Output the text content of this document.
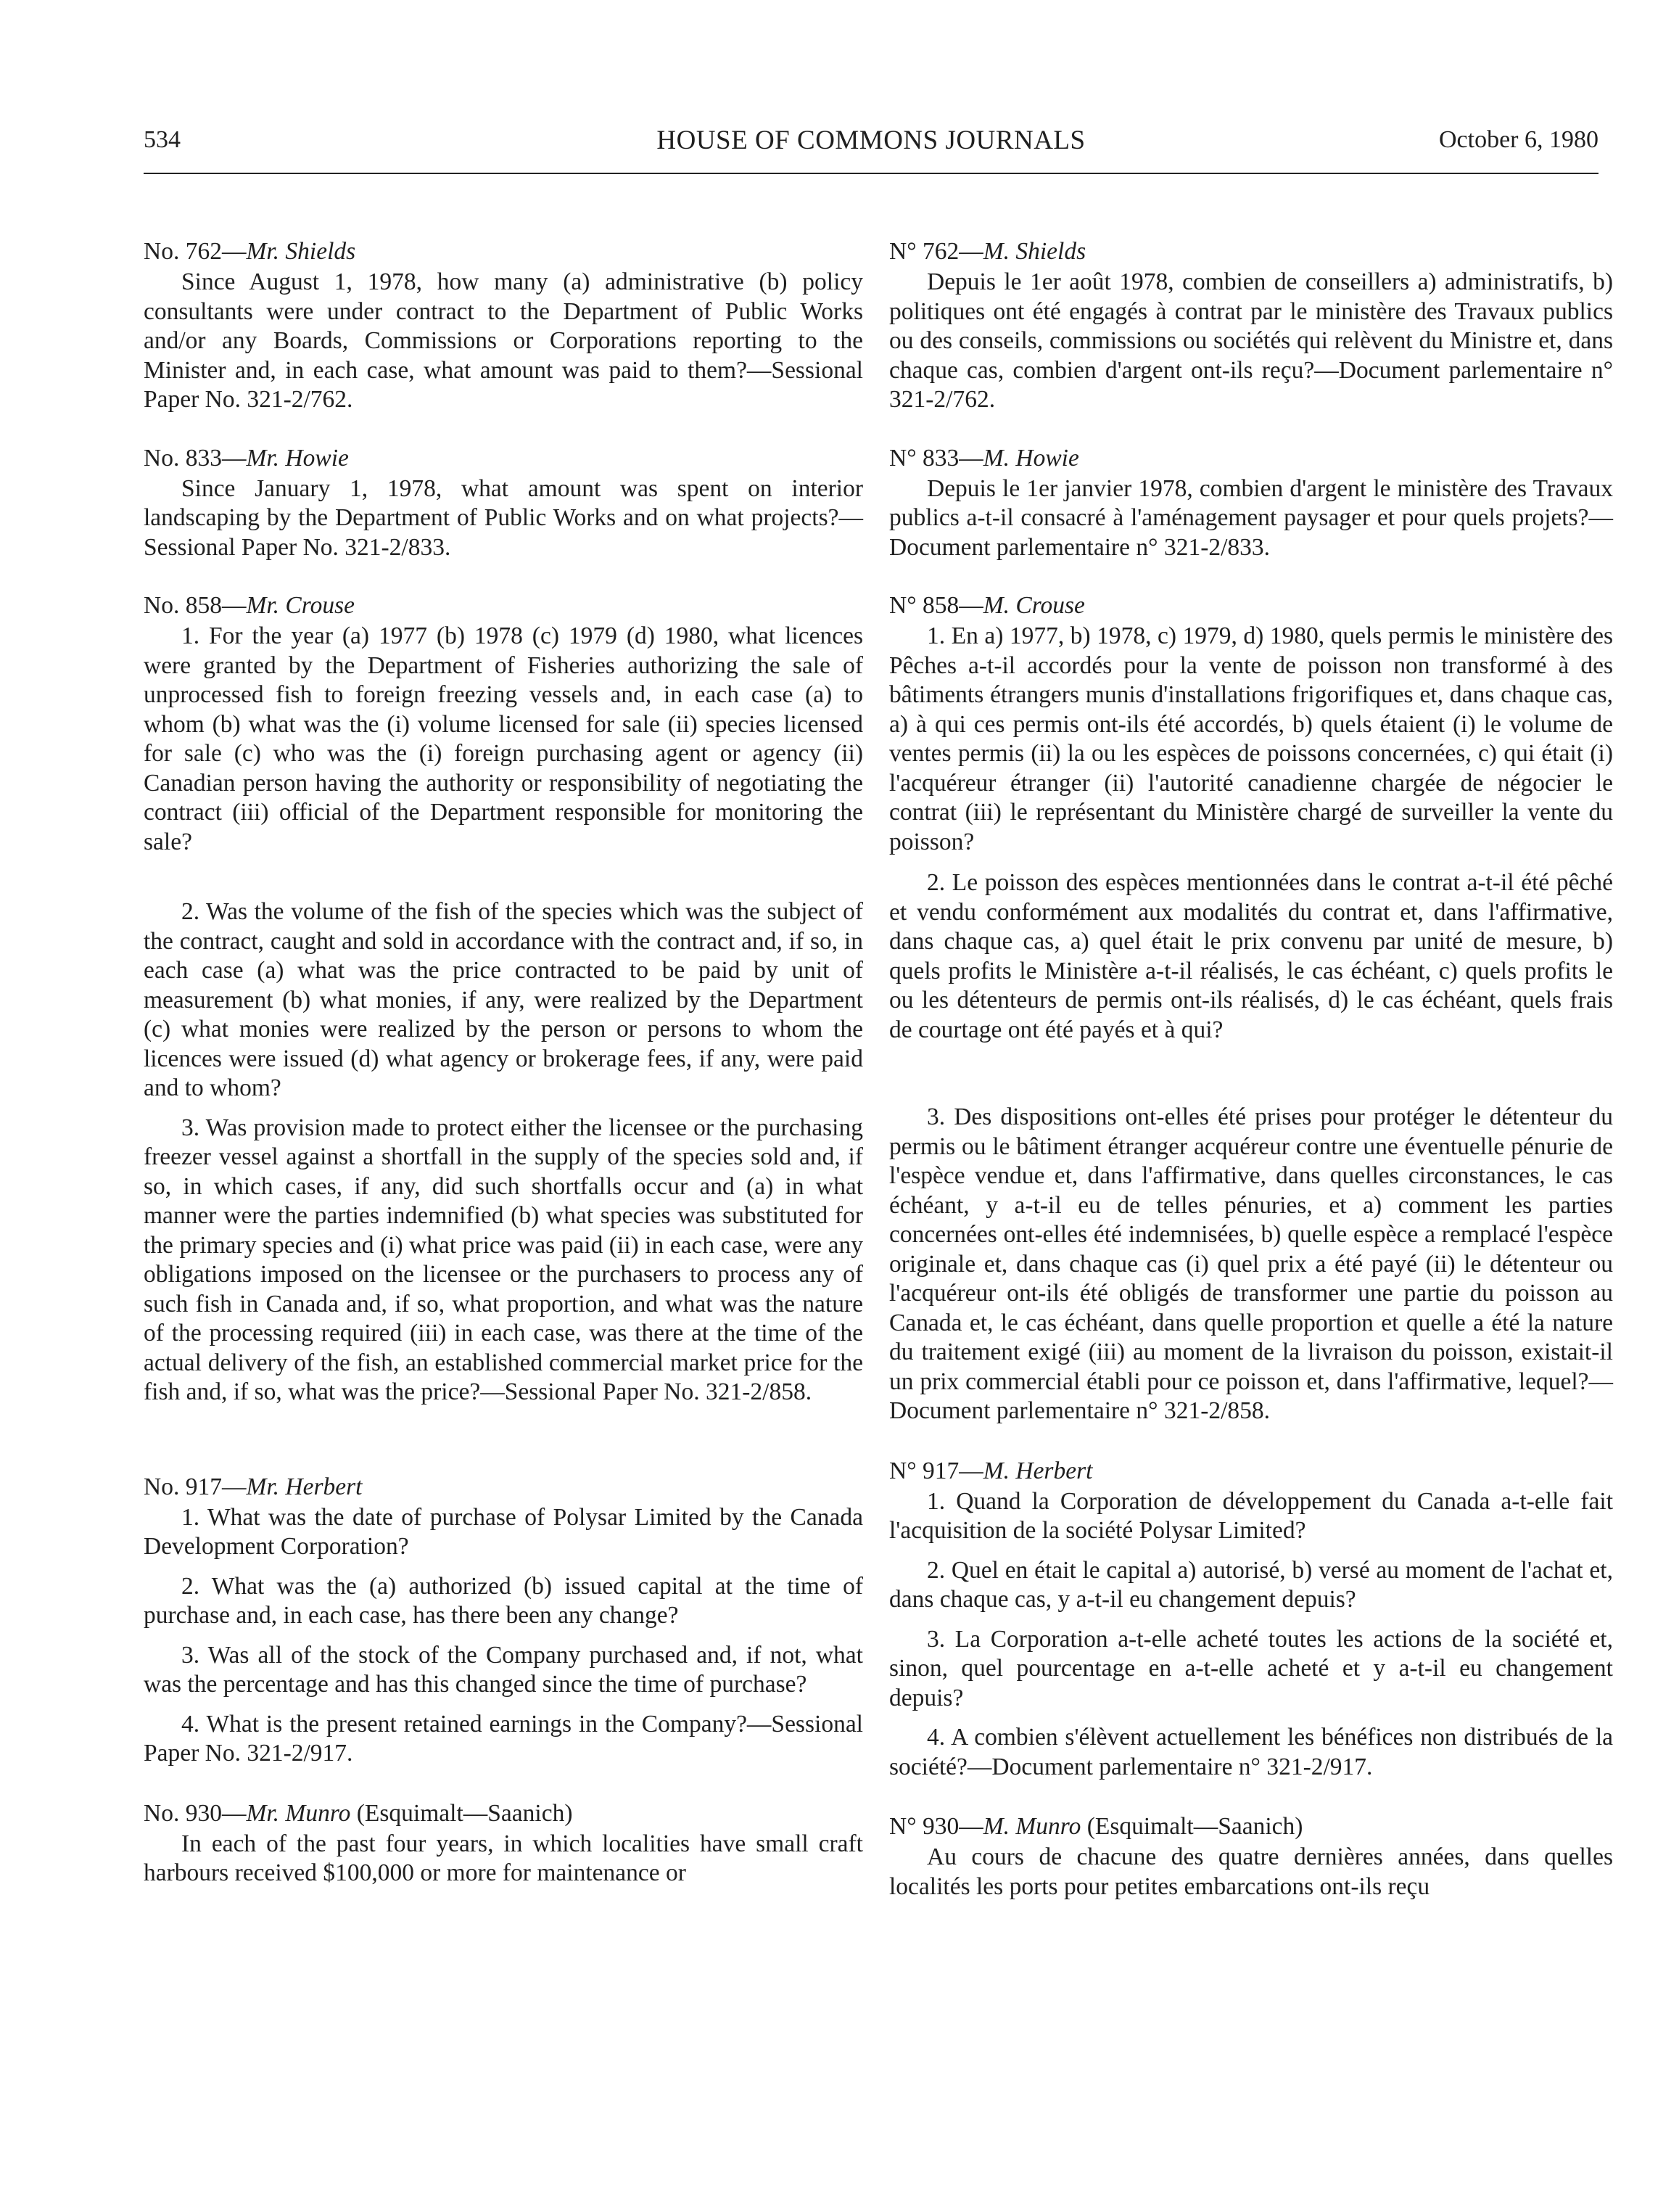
534	HOUSE OF COMMONS JOURNALS	October 6, 1980

No. 762—Mr. Shields

Since August 1, 1978, how many (a) administrative (b) policy consultants were under contract to the Department of Public Works and/or any Boards, Commissions or Corporations reporting to the Minister and, in each case, what amount was paid to them?—Sessional Paper No. 321-2/762.

No. 833—Mr. Howie

Since January 1, 1978, what amount was spent on interior landscaping by the Department of Public Works and on what projects?—Sessional Paper No. 321-2/833.

No. 858—Mr. Crouse

1. For the year (a) 1977 (b) 1978 (c) 1979 (d) 1980, what licences were granted by the Department of Fisheries authorizing the sale of unprocessed fish to foreign freezing vessels and, in each case (a) to whom (b) what was the (i) volume licensed for sale (ii) species licensed for sale (c) who was the (i) foreign purchasing agent or agency (ii) Canadian person having the authority or responsibility of negotiating the contract (iii) official of the Department responsible for monitoring the sale?

2. Was the volume of the fish of the species which was the subject of the contract, caught and sold in accordance with the contract and, if so, in each case (a) what was the price contracted to be paid by unit of measurement (b) what monies, if any, were realized by the Department (c) what monies were realized by the person or persons to whom the licences were issued (d) what agency or brokerage fees, if any, were paid and to whom?

3. Was provision made to protect either the licensee or the purchasing freezer vessel against a shortfall in the supply of the species sold and, if so, in which cases, if any, did such shortfalls occur and (a) in what manner were the parties indemnified (b) what species was substituted for the primary species and (i) what price was paid (ii) in each case, were any obligations imposed on the licensee or the purchasers to process any of such fish in Canada and, if so, what proportion, and what was the nature of the processing required (iii) in each case, was there at the time of the actual delivery of the fish, an established commercial market price for the fish and, if so, what was the price?—Sessional Paper No. 321-2/858.

No. 917—Mr. Herbert

1. What was the date of purchase of Polysar Limited by the Canada Development Corporation?

2. What was the (a) authorized (b) issued capital at the time of purchase and, in each case, has there been any change?

3. Was all of the stock of the Company purchased and, if not, what was the percentage and has this changed since the time of purchase?

4. What is the present retained earnings in the Company?—Sessional Paper No. 321-2/917.

No. 930—Mr. Munro (Esquimalt—Saanich)

In each of the past four years, in which localities have small craft harbours received $100,000 or more for maintenance or

N° 762—M. Shields

Depuis le 1er août 1978, combien de conseillers a) administratifs, b) politiques ont été engagés à contrat par le ministère des Travaux publics ou des conseils, commissions ou sociétés qui relèvent du Ministre et, dans chaque cas, combien d'argent ont-ils reçu?—Document parlementaire n° 321-2/762.

N° 833—M. Howie

Depuis le 1er janvier 1978, combien d'argent le ministère des Travaux publics a-t-il consacré à l'aménagement paysager et pour quels projets?—Document parlementaire n° 321-2/833.

N° 858—M. Crouse

1. En a) 1977, b) 1978, c) 1979, d) 1980, quels permis le ministère des Pêches a-t-il accordés pour la vente de poisson non transformé à des bâtiments étrangers munis d'installations frigorifiques et, dans chaque cas, a) à qui ces permis ont-ils été accordés, b) quels étaient (i) le volume de ventes permis (ii) la ou les espèces de poissons concernées, c) qui était (i) l'acquéreur étranger (ii) l'autorité canadienne chargée de négocier le contrat (iii) le représentant du Ministère chargé de surveiller la vente du poisson?

2. Le poisson des espèces mentionnées dans le contrat a-t-il été pêché et vendu conformément aux modalités du contrat et, dans l'affirmative, dans chaque cas, a) quel était le prix convenu par unité de mesure, b) quels profits le Ministère a-t-il réalisés, le cas échéant, c) quels profits le ou les détenteurs de permis ont-ils réalisés, d) le cas échéant, quels frais de courtage ont été payés et à qui?

3. Des dispositions ont-elles été prises pour protéger le détenteur du permis ou le bâtiment étranger acquéreur contre une éventuelle pénurie de l'espèce vendue et, dans l'affirmative, dans quelles circonstances, le cas échéant, y a-t-il eu de telles pénuries, et a) comment les parties concernées ont-elles été indemnisées, b) quelle espèce a remplacé l'espèce originale et, dans chaque cas (i) quel prix a été payé (ii) le détenteur ou l'acquéreur ont-ils été obligés de transformer une partie du poisson au Canada et, le cas échéant, dans quelle proportion et quelle a été la nature du traitement exigé (iii) au moment de la livraison du poisson, existait-il un prix commercial établi pour ce poisson et, dans l'affirmative, lequel?—Document parlementaire n° 321-2/858.

N° 917—M. Herbert

1. Quand la Corporation de développement du Canada a-t-elle fait l'acquisition de la société Polysar Limited?

2. Quel en était le capital a) autorisé, b) versé au moment de l'achat et, dans chaque cas, y a-t-il eu changement depuis?

3. La Corporation a-t-elle acheté toutes les actions de la société et, sinon, quel pourcentage en a-t-elle acheté et y a-t-il eu changement depuis?

4. A combien s'élèvent actuellement les bénéfices non distribués de la société?—Document parlementaire n° 321-2/917.

N° 930—M. Munro (Esquimalt—Saanich)

Au cours de chacune des quatre dernières années, dans quelles localités les ports pour petites embarcations ont-ils reçu
